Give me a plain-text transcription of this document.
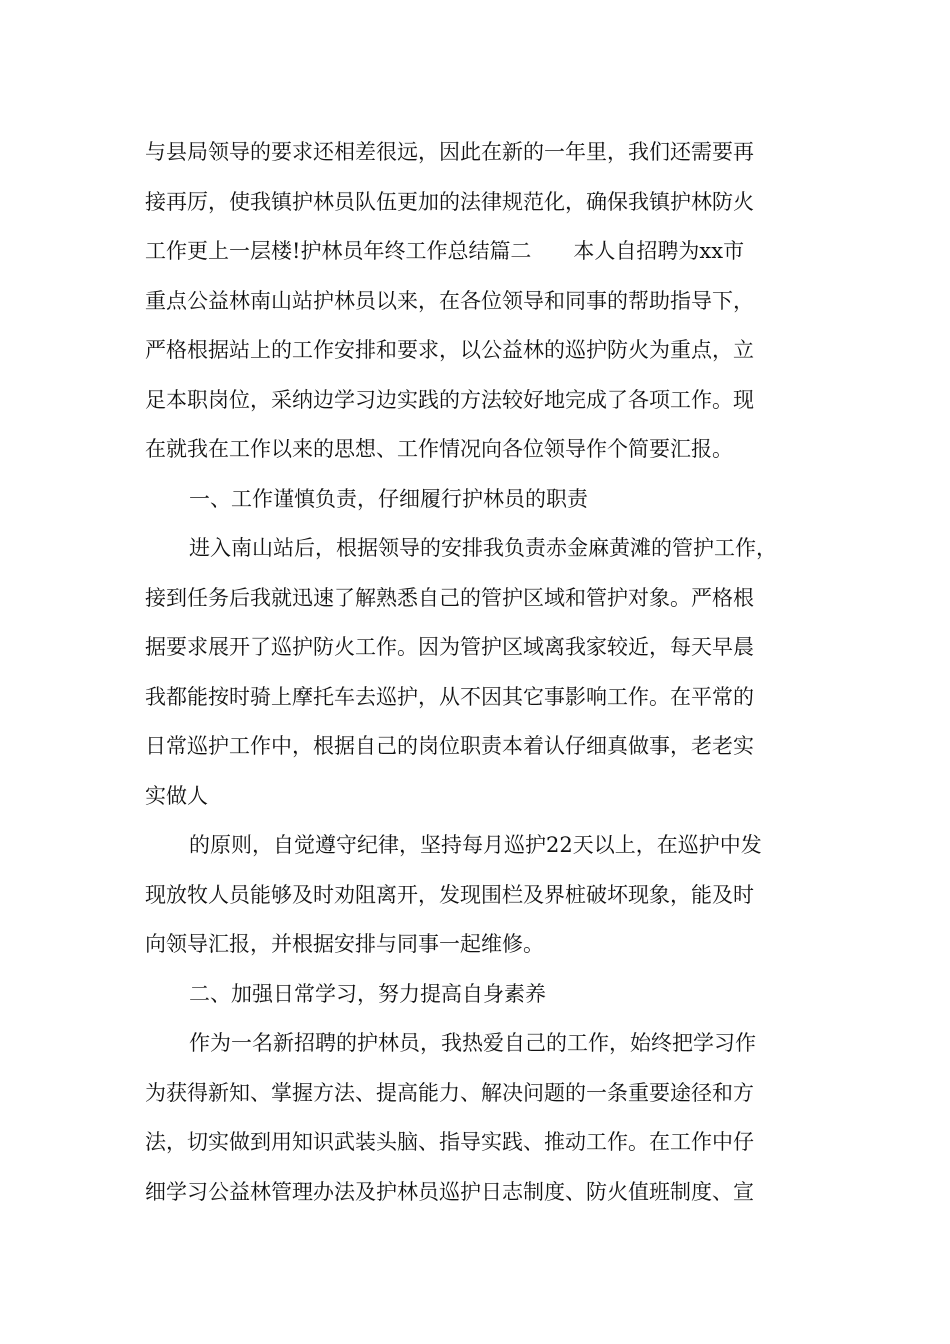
与县局领导的要求还相差很远，因此在新的一年里，我们还需要再
接再厉，使我镇护林员队伍更加的法律规范化，确保我镇护林防火
工作更上一层楼!护林员年终工作总结篇二　　本人自招聘为xx市
重点公益林南山站护林员以来，在各位领导和同事的帮助指导下，
严格根据站上的工作安排和要求，以公益林的巡护防火为重点，立
足本职岗位，采纳边学习边实践的方法较好地完成了各项工作。现
在就我在工作以来的思想、工作情况向各位领导作个简要汇报。
一、工作谨慎负责，仔细履行护林员的职责
进入南山站后，根据领导的安排我负责赤金麻黄滩的管护工作，
接到任务后我就迅速了解熟悉自己的管护区域和管护对象。严格根
据要求展开了巡护防火工作。因为管护区域离我家较近，每天早晨
我都能按时骑上摩托车去巡护，从不因其它事影响工作。在平常的
日常巡护工作中，根据自己的岗位职责本着认仔细真做事，老老实
实做人
的原则，自觉遵守纪律，坚持每月巡护22天以上，在巡护中发
现放牧人员能够及时劝阻离开，发现围栏及界桩破坏现象，能及时
向领导汇报，并根据安排与同事一起维修。
二、加强日常学习，努力提高自身素养
作为一名新招聘的护林员，我热爱自己的工作，始终把学习作
为获得新知、掌握方法、提高能力、解决问题的一条重要途径和方
法，切实做到用知识武装头脑、指导实践、推动工作。在工作中仔
细学习公益林管理办法及护林员巡护日志制度、防火值班制度、宣
